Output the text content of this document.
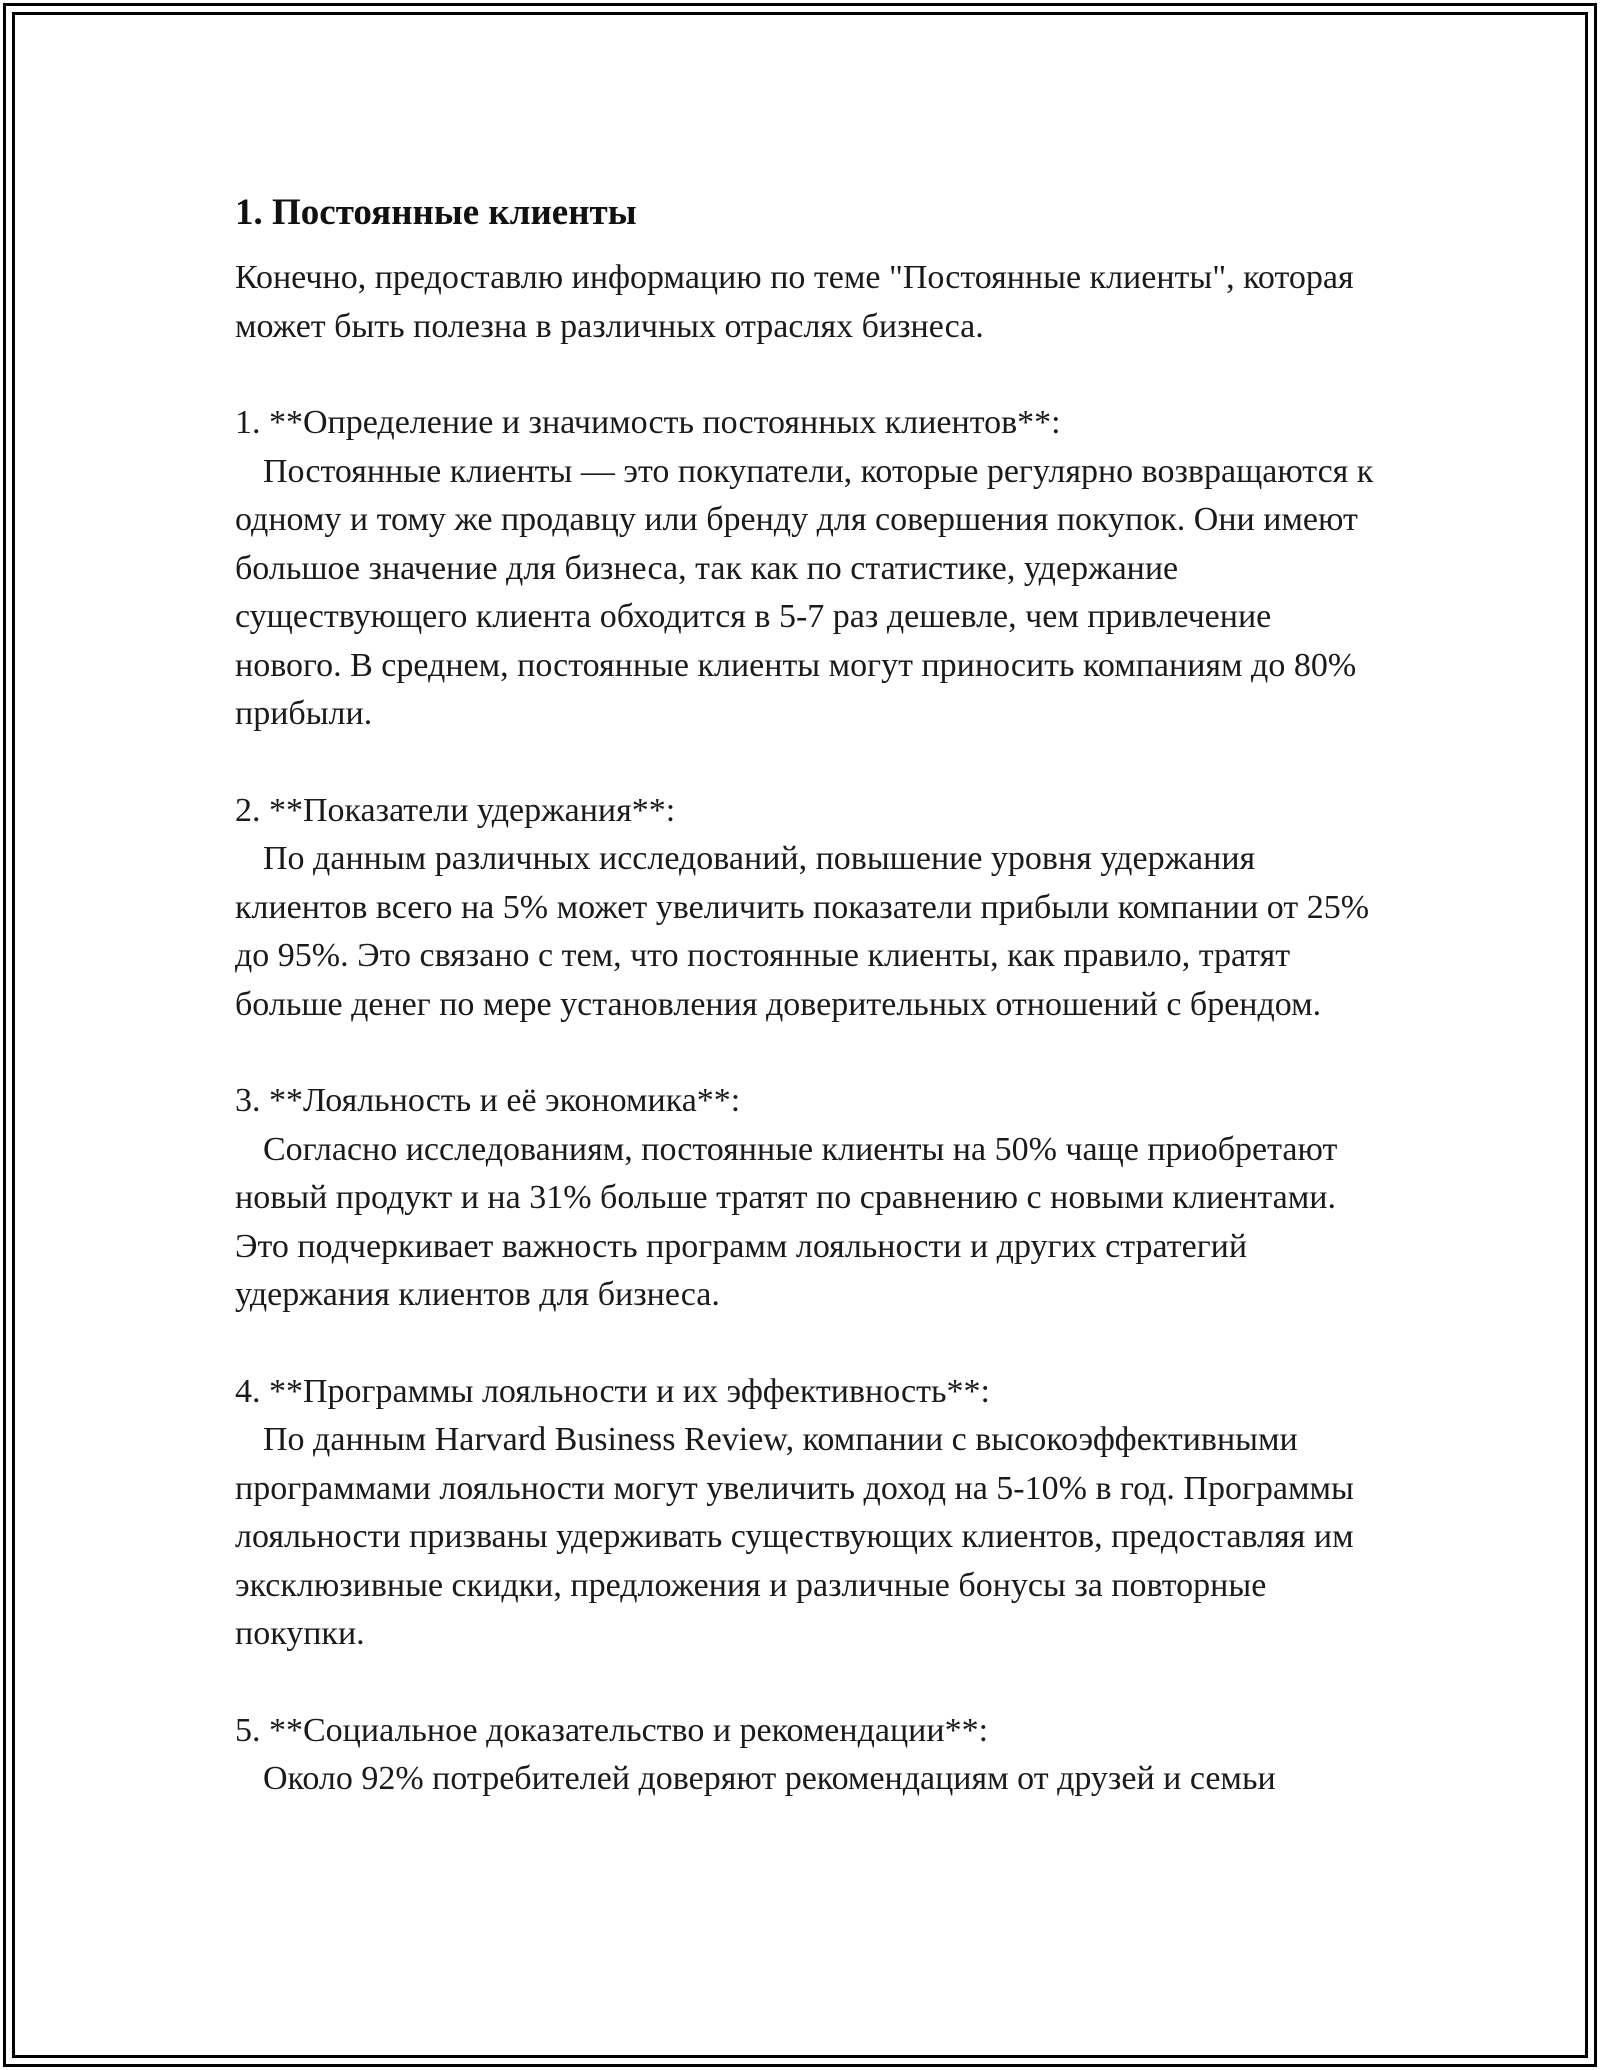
1. Постоянные клиенты

Конечно, предоставлю информацию по теме "Постоянные клиенты", которая может быть полезна в различных отраслях бизнеса.

1. **Определение и значимость постоянных клиентов**:

Постоянные клиенты — это покупатели, которые регулярно возвращаются к одному и тому же продавцу или бренду для совершения покупок. Они имеют большое значение для бизнеса, так как по статистике, удержание существующего клиента обходится в 5-7 раз дешевле, чем привлечение нового. В среднем, постоянные клиенты могут приносить компаниям до 80% прибыли.

2. **Показатели удержания**:

По данным различных исследований, повышение уровня удержания клиентов всего на 5% может увеличить показатели прибыли компании от 25% до 95%. Это связано с тем, что постоянные клиенты, как правило, тратят больше денег по мере установления доверительных отношений с брендом.

3. **Лояльность и её экономика**:

Согласно исследованиям, постоянные клиенты на 50% чаще приобретают новый продукт и на 31% больше тратят по сравнению с новыми клиентами. Это подчеркивает важность программ лояльности и других стратегий удержания клиентов для бизнеса.

4. **Программы лояльности и их эффективность**:

По данным Harvard Business Review, компании с высокоэффективными программами лояльности могут увеличить доход на 5-10% в год. Программы лояльности призваны удерживать существующих клиентов, предоставляя им эксклюзивные скидки, предложения и различные бонусы за повторные покупки.

5. **Социальное доказательство и рекомендации**:

Около 92% потребителей доверяют рекомендациям от друзей и семьи
